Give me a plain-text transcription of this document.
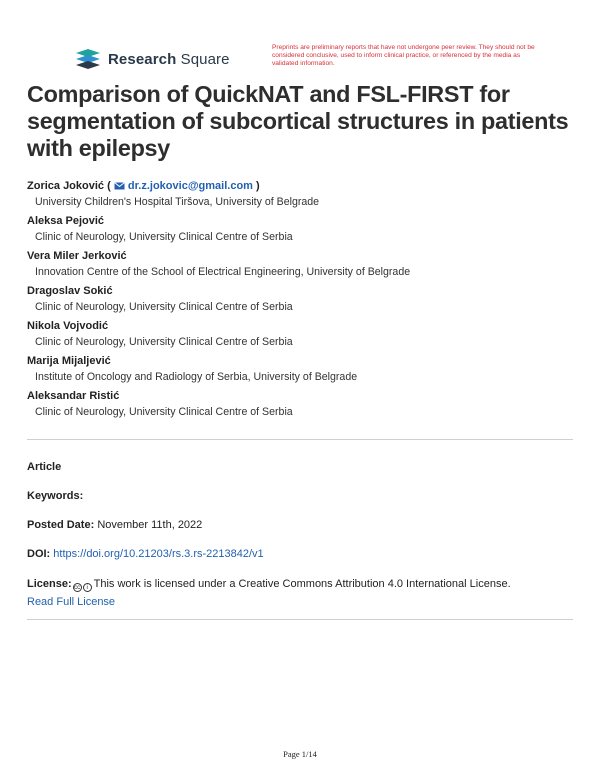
Research Square
Preprints are preliminary reports that have not undergone peer review. They should not be considered conclusive, used to inform clinical practice, or referenced by the media as validated information.
Comparison of QuickNAT and FSL-FIRST for segmentation of subcortical structures in patients with epilepsy
Zorica Joković (  dr.z.jokovic@gmail.com )
University Children's Hospital Tiršova, University of Belgrade
Aleksa Pejović
Clinic of Neurology, University Clinical Centre of Serbia
Vera Miler Jerković
Innovation Centre of the School of Electrical Engineering, University of Belgrade
Dragoslav Sokić
Clinic of Neurology, University Clinical Centre of Serbia
Nikola Vojvodić
Clinic of Neurology, University Clinical Centre of Serbia
Marija Mijaljević
Institute of Oncology and Radiology of Serbia, University of Belgrade
Aleksandar Ristić
Clinic of Neurology, University Clinical Centre of Serbia
Article
Keywords:
Posted Date: November 11th, 2022
DOI: https://doi.org/10.21203/rs.3.rs-2213842/v1
License: cc	i This work is licensed under a Creative Commons Attribution 4.0 International License.
Read Full License
Page 1/14
